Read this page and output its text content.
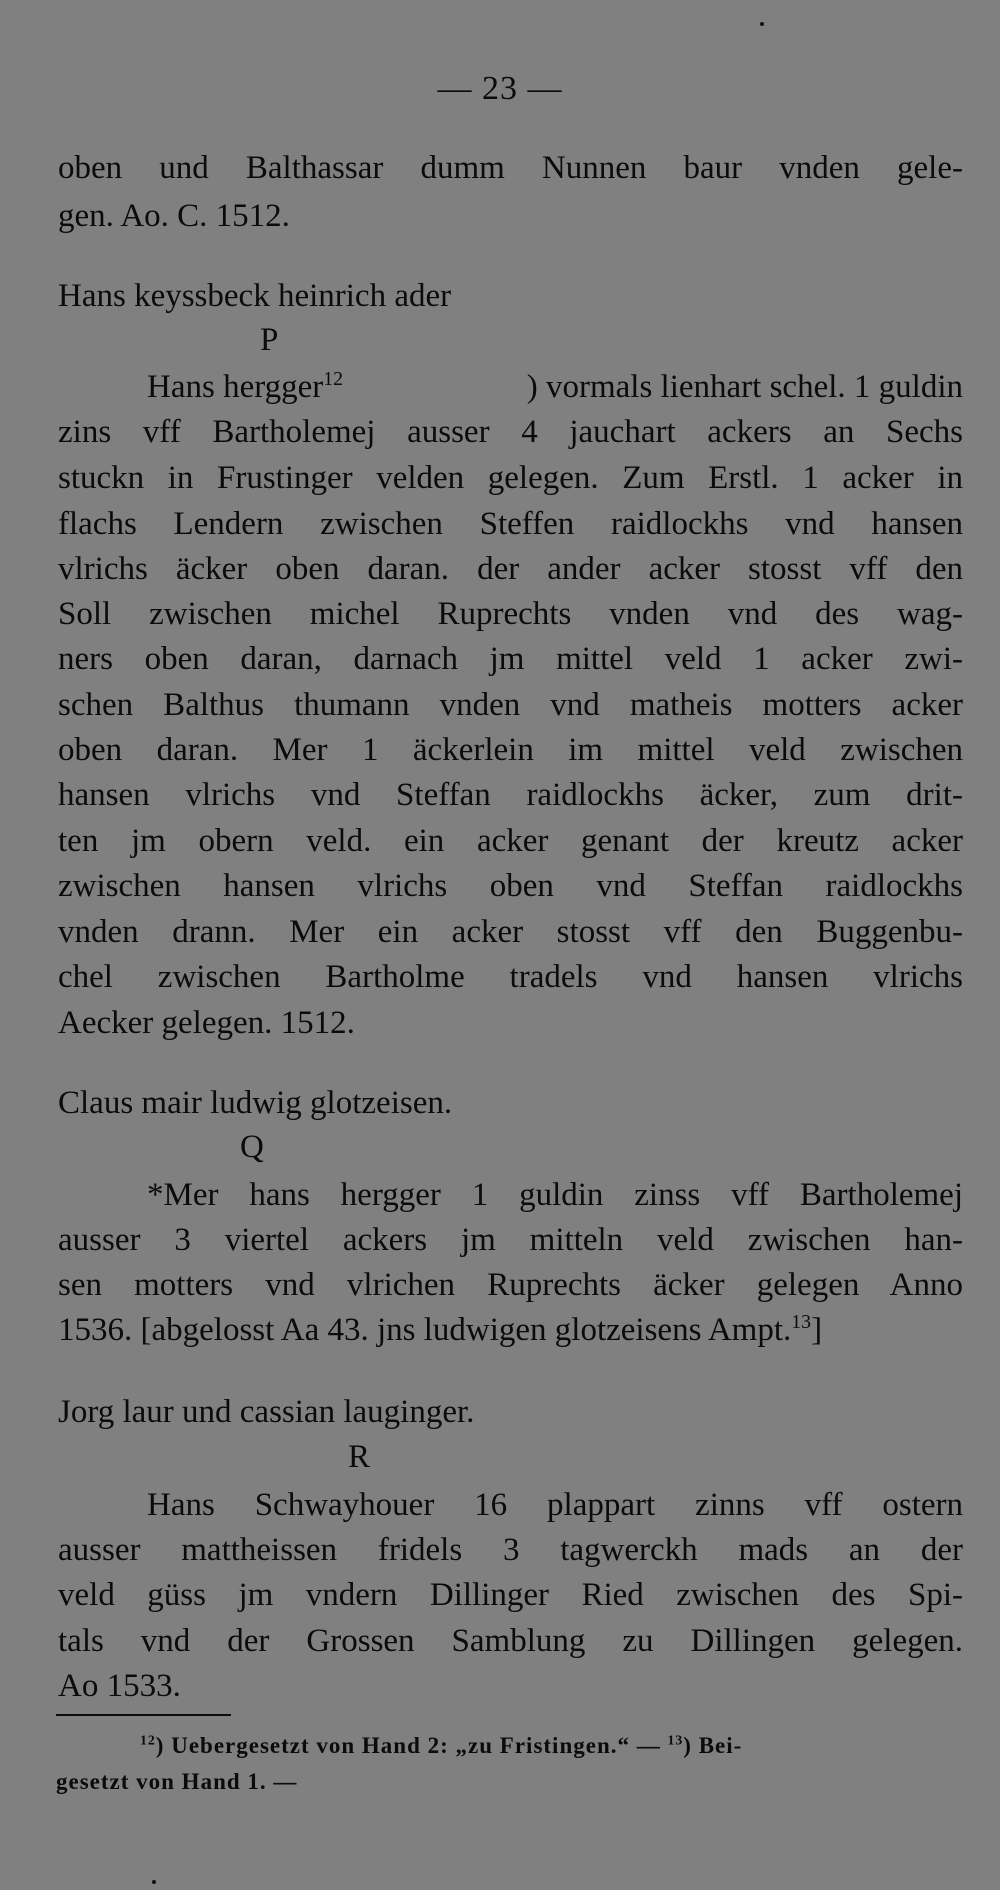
— 23 —
oben und Balthassar dumm Nunnen baur vnden gele-
gen. Ao. C. 1512.
Hans keyssbeck heinrich ader
P
Hans hergger$^{12}$	) vormals lienhart schel. 1 guldin
zins vff Bartholemej ausser 4 jauchart ackers an Sechs
stuckn in Frustinger velden gelegen. Zum Erstl. 1 acker in
flachs Lendern zwischen Steffen raidlockhs vnd hansen
vlrichs äcker oben daran. der ander acker stosst vff den
Soll zwischen michel Ruprechts vnden vnd des wag-
ners oben daran, darnach jm mittel veld 1 acker zwi-
schen Balthus thumann vnden vnd matheis motters acker
oben daran. Mer 1 äckerlein im mittel veld zwischen
hansen vlrichs vnd Steffan raidlockhs äcker, zum drit-
ten jm obern veld. ein acker genant der kreutz acker
zwischen hansen vlrichs oben vnd Steffan raidlockhs
vnden drann. Mer ein acker stosst vff den Buggenbu-
chel zwischen Bartholme tradels vnd hansen vlrichs
Aecker gelegen. 1512.
Claus mair ludwig glotzeisen.
Q
*Mer hans hergger 1 guldin zinss vff Bartholemej
ausser 3 viertel ackers jm mitteln veld zwischen han-
sen motters vnd vlrichen Ruprechts äcker gelegen Anno
1536. [abgelosst Aa 43. jns ludwigen glotzeisens Ampt.$^{13}$]
Jorg laur und cassian lauginger.
R
Hans Schwayhouer 16 plappart zinns vff ostern
ausser mattheissen fridels 3 tagwerckh mads an der
veld güss jm vndern Dillinger Ried zwischen des Spi-
tals vnd der Grossen Samblung zu Dillingen gelegen.
Ao 1533.
$^{12}$) Uebergesetzt von Hand 2: „zu Fristingen.“ — $^{13}$) Bei-
gesetzt von Hand 1. —
